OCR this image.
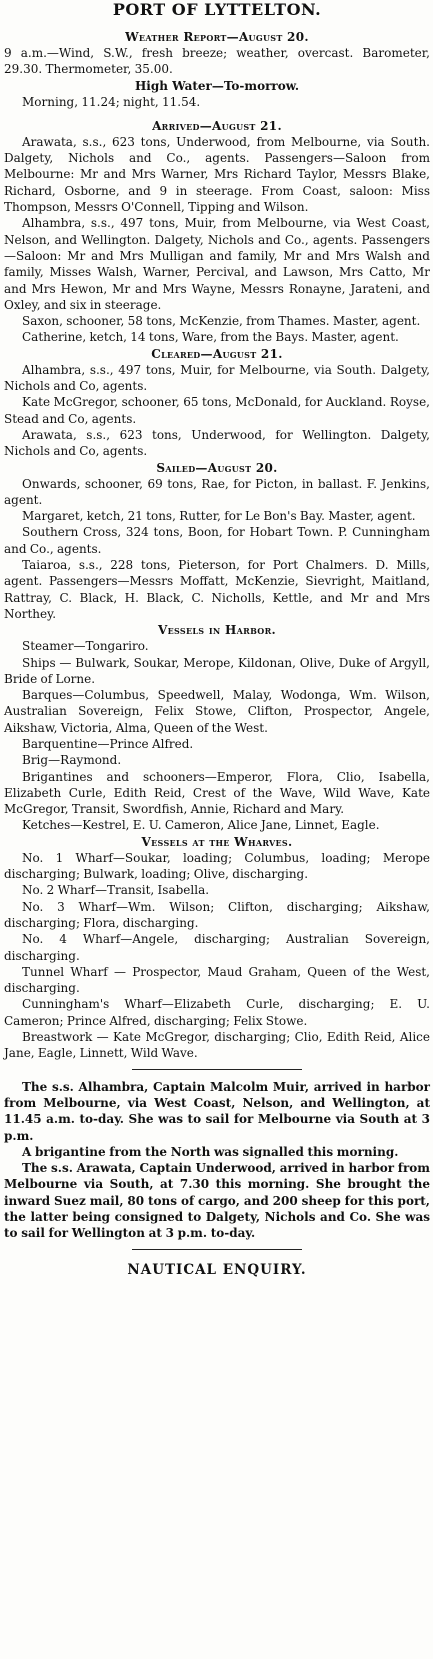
PORT OF LYTTELTON.
Weather Report—August 20.

9 a.m.—Wind, S.W., fresh breeze; weather, overcast. Barometer, 29.30. Thermometer, 35.00.

High Water—To-morrow.

Morning, 11.24; night, 11.54.

Arrived—August 21.

Arawata, s.s., 623 tons, Underwood, from Melbourne, via South. Dalgety, Nichols and Co., agents. Passengers—Saloon from Melbourne: Mr and Mrs Warner, Mrs Richard Taylor, Messrs Blake, Richard, Osborne, and 9 in steerage. From Coast, saloon: Miss Thompson, Messrs O'Connell, Tipping and Wilson.

Alhambra, s.s., 497 tons, Muir, from Melbourne, via West Coast, Nelson, and Wellington. Dalgety, Nichols and Co., agents. Passengers—Saloon: Mr and Mrs Mulligan and family, Mr and Mrs Walsh and family, Misses Walsh, Warner, Percival, and Lawson, Mrs Catto, Mr and Mrs Hewon, Mr and Mrs Wayne, Messrs Ronayne, Jarateni, and Oxley, and six in steerage.

Saxon, schooner, 58 tons, McKenzie, from Thames. Master, agent.

Catherine, ketch, 14 tons, Ware, from the Bays. Master, agent.

Cleared—August 21.

Alhambra, s.s., 497 tons, Muir, for Melbourne, via South. Dalgety, Nichols and Co, agents.

Kate McGregor, schooner, 65 tons, McDonald, for Auckland. Royse, Stead and Co, agents.

Arawata, s.s., 623 tons, Underwood, for Wellington. Dalgety, Nichols and Co, agents.

Sailed—August 20.

Onwards, schooner, 69 tons, Rae, for Picton, in ballast. F. Jenkins, agent.

Margaret, ketch, 21 tons, Rutter, for Le Bon's Bay. Master, agent.

Southern Cross, 324 tons, Boon, for Hobart Town. P. Cunningham and Co., agents.

Taiaroa, s.s., 228 tons, Pieterson, for Port Chalmers. D. Mills, agent. Passengers—Messrs Moffatt, McKenzie, Sievright, Maitland, Rattray, C. Black, H. Black, C. Nicholls, Kettle, and Mr and Mrs Northey.

Vessels in Harbor.

Steamer—Tongariro.

Ships — Bulwark, Soukar, Merope, Kildonan, Olive, Duke of Argyll, Bride of Lorne.

Barques—Columbus, Speedwell, Malay, Wodonga, Wm. Wilson, Australian Sovereign, Felix Stowe, Clifton, Prospector, Angele, Aikshaw, Victoria, Alma, Queen of the West.

Barquentine—Prince Alfred.

Brig—Raymond.

Brigantines and schooners—Emperor, Flora, Clio, Isabella, Elizabeth Curle, Edith Reid, Crest of the Wave, Wild Wave, Kate McGregor, Transit, Swordfish, Annie, Richard and Mary.

Ketches—Kestrel, E. U. Cameron, Alice Jane, Linnet, Eagle.

Vessels at the Wharves.

No. 1 Wharf—Soukar, loading; Columbus, loading; Merope discharging; Bulwark, loading; Olive, discharging.

No. 2 Wharf—Transit, Isabella.

No. 3 Wharf—Wm. Wilson; Clifton, discharging; Aikshaw, discharging; Flora, discharging.

No. 4 Wharf—Angele, discharging; Australian Sovereign, discharging.

Tunnel Wharf — Prospector, Maud Graham, Queen of the West, discharging.

Cunningham's Wharf—Elizabeth Curle, discharging; E. U. Cameron; Prince Alfred, discharging; Felix Stowe.

Breastwork — Kate McGregor, discharging; Clio, Edith Reid, Alice Jane, Eagle, Linnett, Wild Wave.

The s.s. Alhambra, Captain Malcolm Muir, arrived in harbor from Melbourne, via West Coast, Nelson, and Wellington, at 11.45 a.m. to-day. She was to sail for Melbourne via South at 3 p.m.

A brigantine from the North was signalled this morning.

The s.s. Arawata, Captain Underwood, arrived in harbor from Melbourne via South, at 7.30 this morning. She brought the inward Suez mail, 80 tons of cargo, and 200 sheep for this port, the latter being consigned to Dalgety, Nichols and Co. She was to sail for Wellington at 3 p.m. to-day.

NAUTICAL ENQUIRY.
